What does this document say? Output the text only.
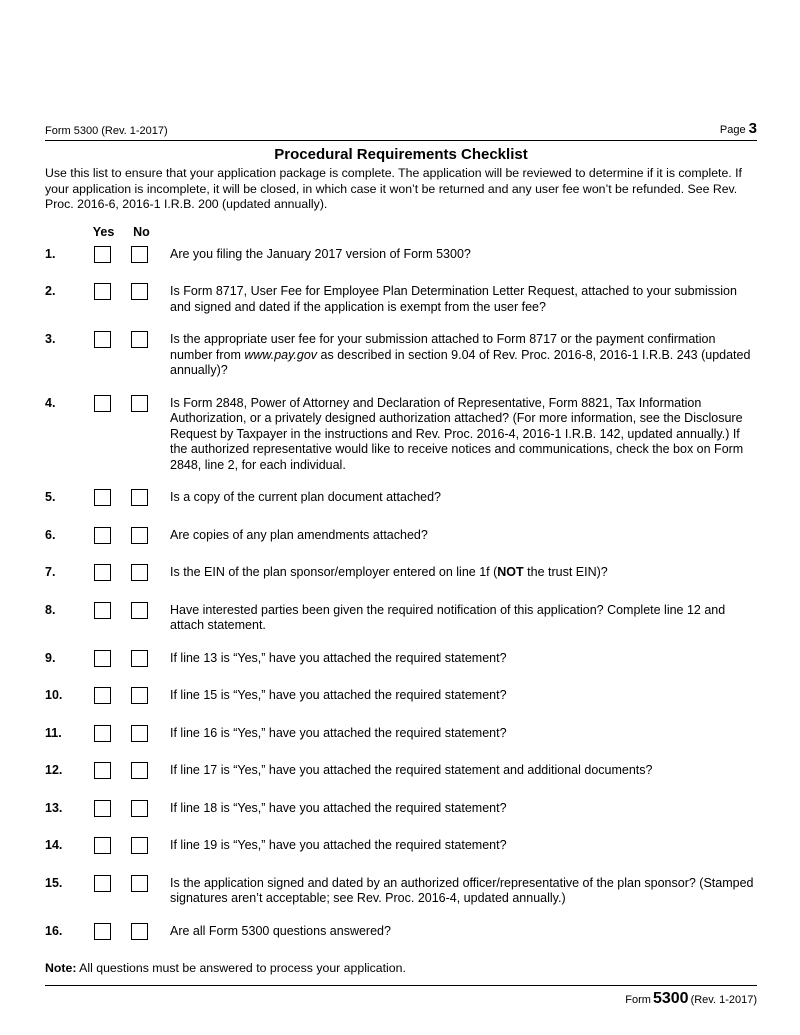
Form 5300 (Rev. 1-2017)	Page 3
Procedural Requirements Checklist
Use this list to ensure that your application package is complete. The application will be reviewed to determine if it is complete. If your application is incomplete, it will be closed, in which case it won’t be returned and any user fee won’t be refunded. See Rev. Proc. 2016-6, 2016-1 I.R.B. 200 (updated annually).
Yes	No
1.	Are you filing the January 2017 version of Form 5300?
2.	Is Form 8717, User Fee for Employee Plan Determination Letter Request, attached to your submission and signed and dated if the application is exempt from the user fee?
3.	Is the appropriate user fee for your submission attached to Form 8717 or the payment confirmation number from www.pay.gov as described in section 9.04 of Rev. Proc. 2016-8, 2016-1 I.R.B. 243 (updated annually)?
4.	Is Form 2848, Power of Attorney and Declaration of Representative, Form 8821, Tax Information Authorization, or a privately designed authorization attached? (For more information, see the Disclosure Request by Taxpayer in the instructions and Rev. Proc. 2016-4, 2016-1 I.R.B. 142, updated annually.) If the authorized representative would like to receive notices and communications, check the box on Form 2848, line 2, for each individual.
5.	Is a copy of the current plan document attached?
6.	Are copies of any plan amendments attached?
7.	Is the EIN of the plan sponsor/employer entered on line 1f (NOT the trust EIN)?
8.	Have interested parties been given the required notification of this application? Complete line 12 and attach statement.
9.	If line 13 is “Yes,” have you attached the required statement?
10.	If line 15 is “Yes,” have you attached the required statement?
11.	If line 16 is “Yes,” have you attached the required statement?
12.	If line 17 is “Yes,” have you attached the required statement and additional documents?
13.	If line 18 is “Yes,” have you attached the required statement?
14.	If line 19 is “Yes,” have you attached the required statement?
15.	Is the application signed and dated by an authorized officer/representative of the plan sponsor? (Stamped signatures aren’t acceptable; see Rev. Proc. 2016-4, updated annually.)
16.	Are all Form 5300 questions answered?
Note: All questions must be answered to process your application.
Form 5300 (Rev. 1-2017)
